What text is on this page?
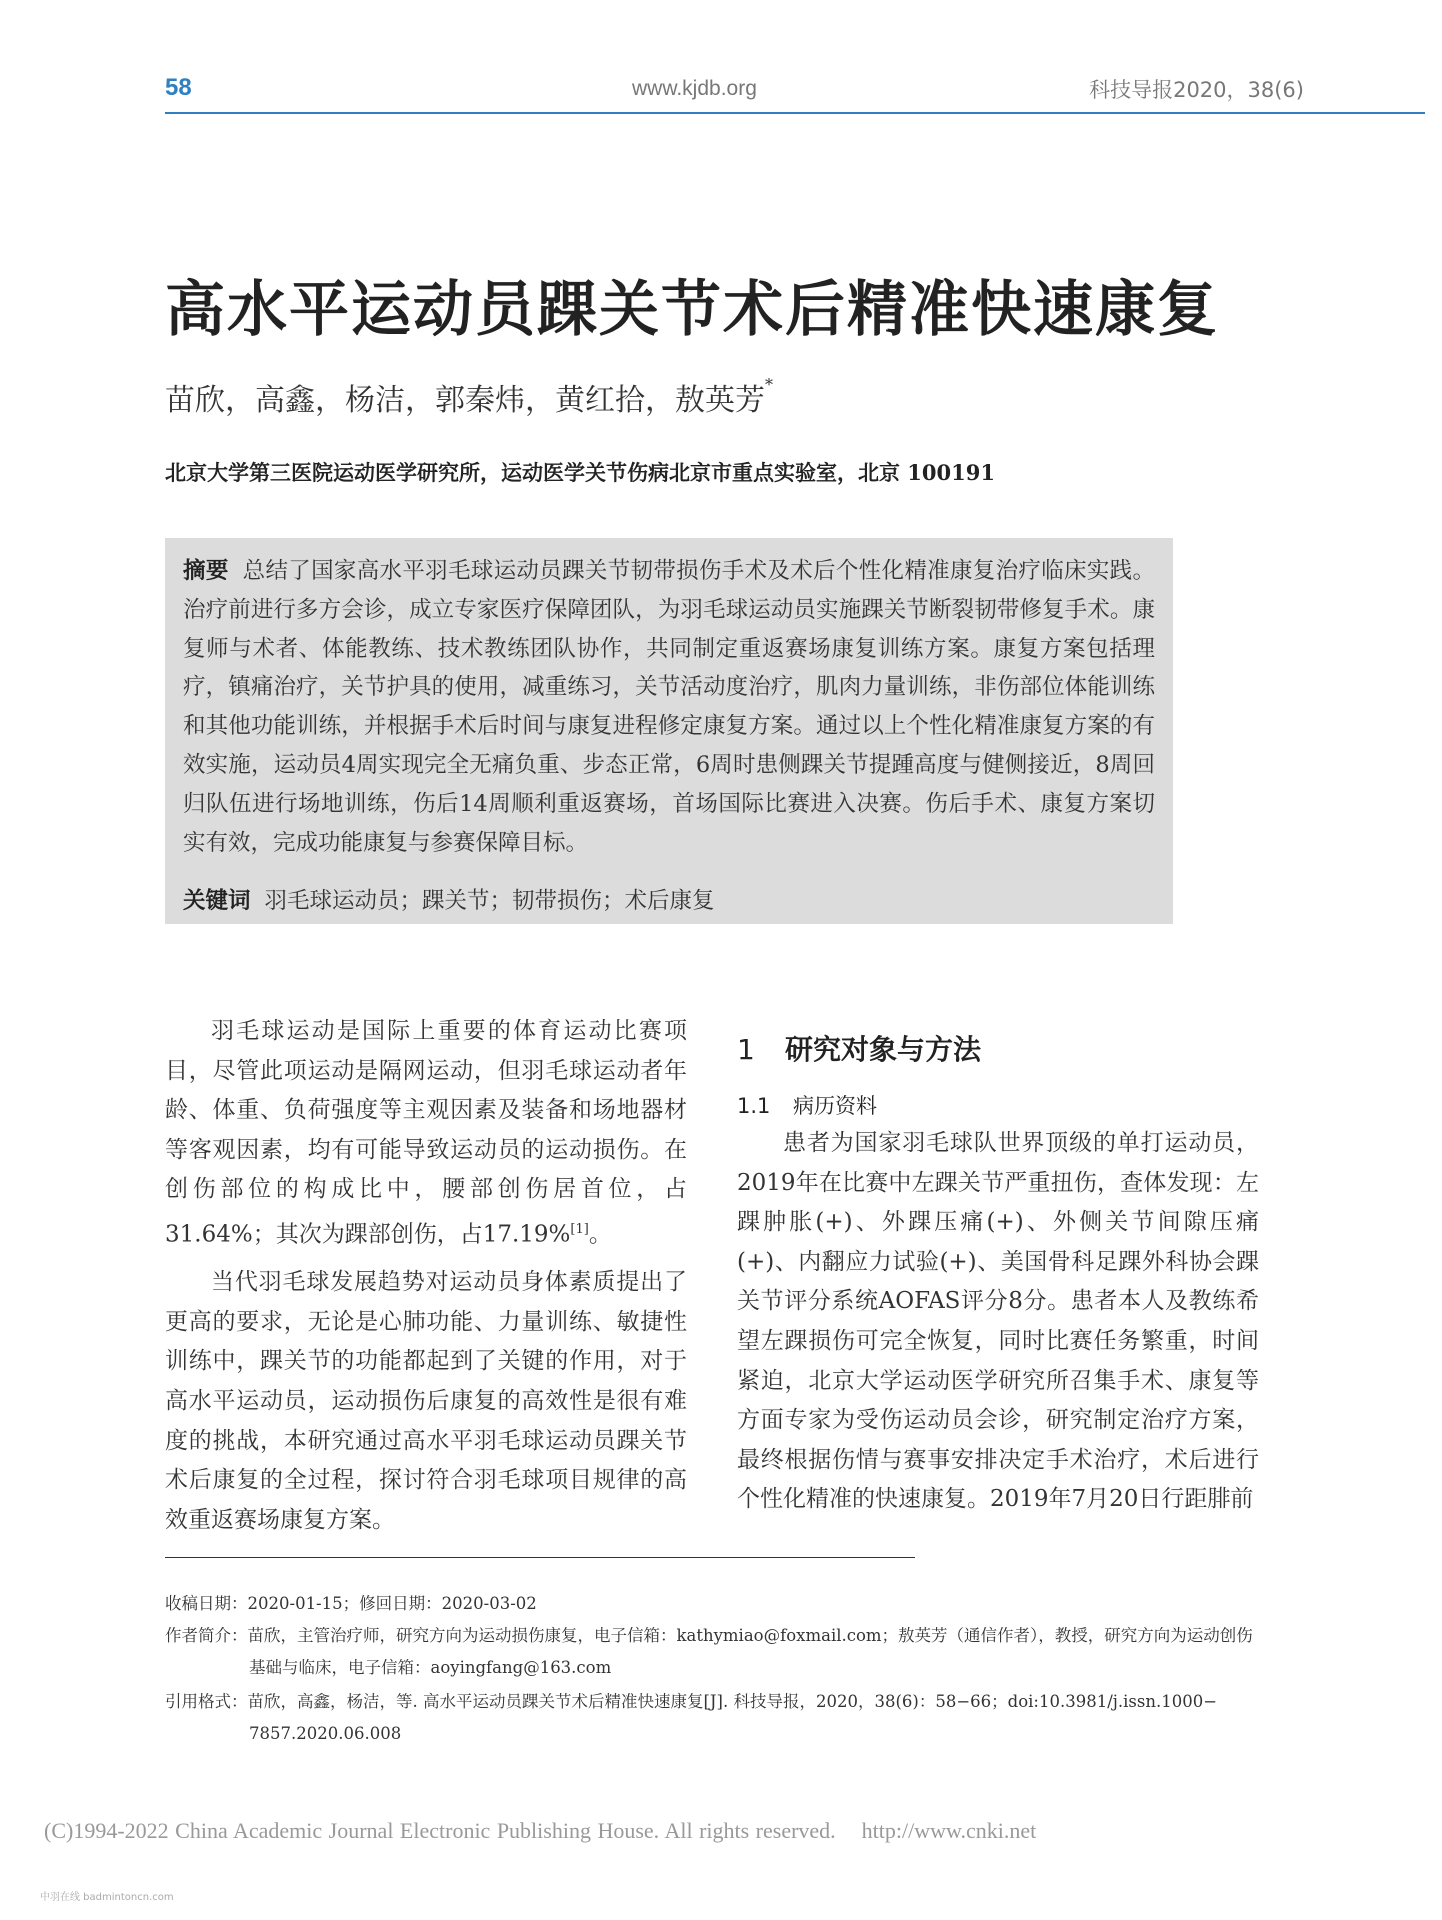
58	www.kjdb.org	科技导报2020，38(6)
高水平运动员踝关节术后精准快速康复
苗欣，高鑫，杨洁，郭秦炜，黄红拾，敖英芳*
北京大学第三医院运动医学研究所，运动医学关节伤病北京市重点实验室，北京 100191

摘要 总结了国家高水平羽毛球运动员踝关节韧带损伤手术及术后个性化精准康复治疗临床实践。治疗前进行多方会诊，成立专家医疗保障团队，为羽毛球运动员实施踝关节断裂韧带修复手术。康复师与术者、体能教练、技术教练团队协作，共同制定重返赛场康复训练方案。康复方案包括理疗，镇痛治疗，关节护具的使用，减重练习，关节活动度治疗，肌肉力量训练，非伤部位体能训练和其他功能训练，并根据手术后时间与康复进程修定康复方案。通过以上个性化精准康复方案的有效实施，运动员4周实现完全无痛负重、步态正常，6周时患侧踝关节提踵高度与健侧接近，8周回归队伍进行场地训练，伤后14周顺利重返赛场，首场国际比赛进入决赛。伤后手术、康复方案切实有效，完成功能康复与参赛保障目标。

关键词 羽毛球运动员；踝关节；韧带损伤；术后康复

羽毛球运动是国际上重要的体育运动比赛项目，尽管此项运动是隔网运动，但羽毛球运动者年龄、体重、负荷强度等主观因素及装备和场地器材等客观因素，均有可能导致运动员的运动损伤。在创伤部位的构成比中，腰部创伤居首位，占31.64%；其次为踝部创伤，占17.19%[1]。

当代羽毛球发展趋势对运动员身体素质提出了更高的要求，无论是心肺功能、力量训练、敏捷性训练中，踝关节的功能都起到了关键的作用，对于高水平运动员，运动损伤后康复的高效性是很有难度的挑战，本研究通过高水平羽毛球运动员踝关节术后康复的全过程，探讨符合羽毛球项目规律的高效重返赛场康复方案。

1 研究对象与方法
1.1 病历资料

患者为国家羽毛球队世界顶级的单打运动员，2019年在比赛中左踝关节严重扭伤，查体发现：左踝肿胀(+)、外踝压痛(+)、外侧关节间隙压痛(+)、内翻应力试验(+)、美国骨科足踝外科协会踝关节评分系统AOFAS评分8分。患者本人及教练希望左踝损伤可完全恢复，同时比赛任务繁重，时间紧迫，北京大学运动医学研究所召集手术、康复等方面专家为受伤运动员会诊，研究制定治疗方案，最终根据伤情与赛事安排决定手术治疗，术后进行个性化精准的快速康复。2019年7月20日行距腓前

收稿日期：2020-01-15；修回日期：2020-03-02
作者简介：苗欣，主管治疗师，研究方向为运动损伤康复，电子信箱：kathymiao@foxmail.com；敖英芳（通信作者），教授，研究方向为运动创伤
基础与临床，电子信箱：aoyingfang@163.com
引用格式：苗欣，高鑫，杨洁，等. 高水平运动员踝关节术后精准快速康复[J]. 科技导报，2020，38(6)：58−66；doi:10.3981/j.issn.1000−
7857.2020.06.008
(C)1994-2022 China Academic Journal Electronic Publishing House. All rights reserved.    http://www.cnki.net
中羽在线 badmintoncn.com
